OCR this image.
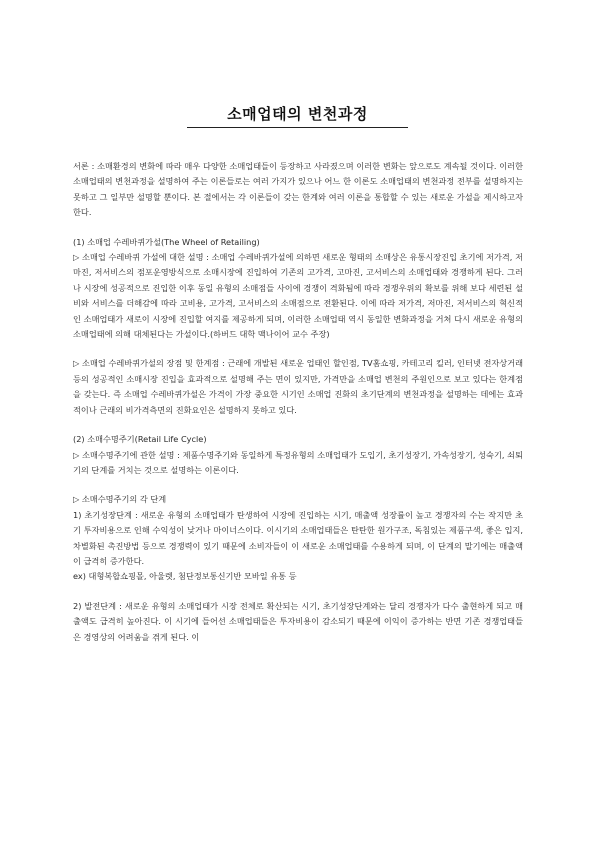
소매업태의 변천과정

서론 : 소매환경의 변화에 따라 매우 다양한 소매업태들이 등장하고 사라졌으며 이러한 변화는 앞으로도 계속될 것이다. 이러한 소매업태의 변천과정을 설명하여 주는 이론들로는 여러 가지가 있으나 어느 한 이론도 소매업태의 변천과정 전부를 설명하지는 못하고 그 일부만 설명할 뿐이다. 본 절에서는 각 이론들이 갖는 한계와 여러 이론을 통합할 수 있는 새로운 가설을 제시하고자 한다.

(1) 소매업 수레바퀴가설(The Wheel of Retailing)

▷ 소매업 수레바퀴 가설에 대한 설명 : 소매업 수레바퀴가설에 의하면 새로운 형태의 소매상은 유통시장진입 초기에 저가격, 저마진, 저서비스의 점포운영방식으로 소매시장에 진입하여 기존의 고가격, 고마진, 고서비스의 소매업태와 경쟁하게 된다. 그러나 시장에 성공적으로 진입한 이후 동일 유형의 소매점들 사이에 경쟁이 격화됨에 따라 경쟁우위의 확보를 위해 보다 세련된 설비와 서비스를 더해감에 따라 고비용, 고가격, 고서비스의 소매점으로 전환된다. 이에 따라 저가격, 저마진, 저서비스의 혁신적인 소매업태가 새로이 시장에 진입할 여지를 제공하게 되며, 이러한 소매업태 역시 동일한 변화과정을 거쳐 다시 새로운 유형의 소매업태에 의해 대체된다는 가설이다.(하버드 대학 맥나이어 교수 주장)

▷ 소매업 수레바퀴가설의 장점 및 한계점 : 근래에 개발된 새로운 업태인 할인점, TV홈쇼핑, 카테고리 킬러, 인터넷 전자상거래 등의 성공적인 소매시장 진입을 효과적으로 설명해 주는 면이 있지만, 가격만을 소매업 변천의 주원인으로 보고 있다는 한계점을 갖는다. 즉 소매업 수레바퀴가설은 가격이 가장 중요한 시기인 소매업 진화의 초기단계의 변천과정을 설명하는 데에는 효과적이나 근래의 비가격측면의 진화요인은 설명하지 못하고 있다.

(2) 소매수명주기(Retail Life Cycle)

▷ 소매수명주기에 관한 설명 : 제품수명주기와 동일하게 특정유형의 소매업태가 도입기, 초기성장기, 가속성장기, 성숙기, 쇠퇴기의 단계를 거치는 것으로 설명하는 이론이다.

▷ 소매수명주기의 각 단계

1) 초기성장단계 : 새로운 유형의 소매업태가 탄생하여 시장에 진입하는 시기, 매출액 성장률이 높고 경쟁자의 수는 작지만 초기 투자비용으로 인해 수익성이 낮거나 마이너스이다. 이시기의 소매업태들은 탄탄한 원가구조, 독침있는 제품구색, 좋은 입지, 차별화된 촉진방법 등으로 경쟁력이 있기 때문에 소비자들이 이 새로운 소매업태를 수용하게 되며, 이 단계의 말기에는 매출액이 급격히 증가한다.

ex) 대형복합쇼핑몰, 아울렛, 첨단정보통신기반 모바일 유통 등

2) 발전단계 : 새로운 유형의 소매업태가 시장 전체로 확산되는 시기, 초기성장단계와는 달리 경쟁자가 다수 출현하게 되고 매출액도 급격히 높아진다. 이 시기에 들어선 소매업태들은 투자비용이 감소되기 때문에 이익이 증가하는 반면 기존 경쟁업태들은 경영상의 어려움을 겪게 된다. 이
